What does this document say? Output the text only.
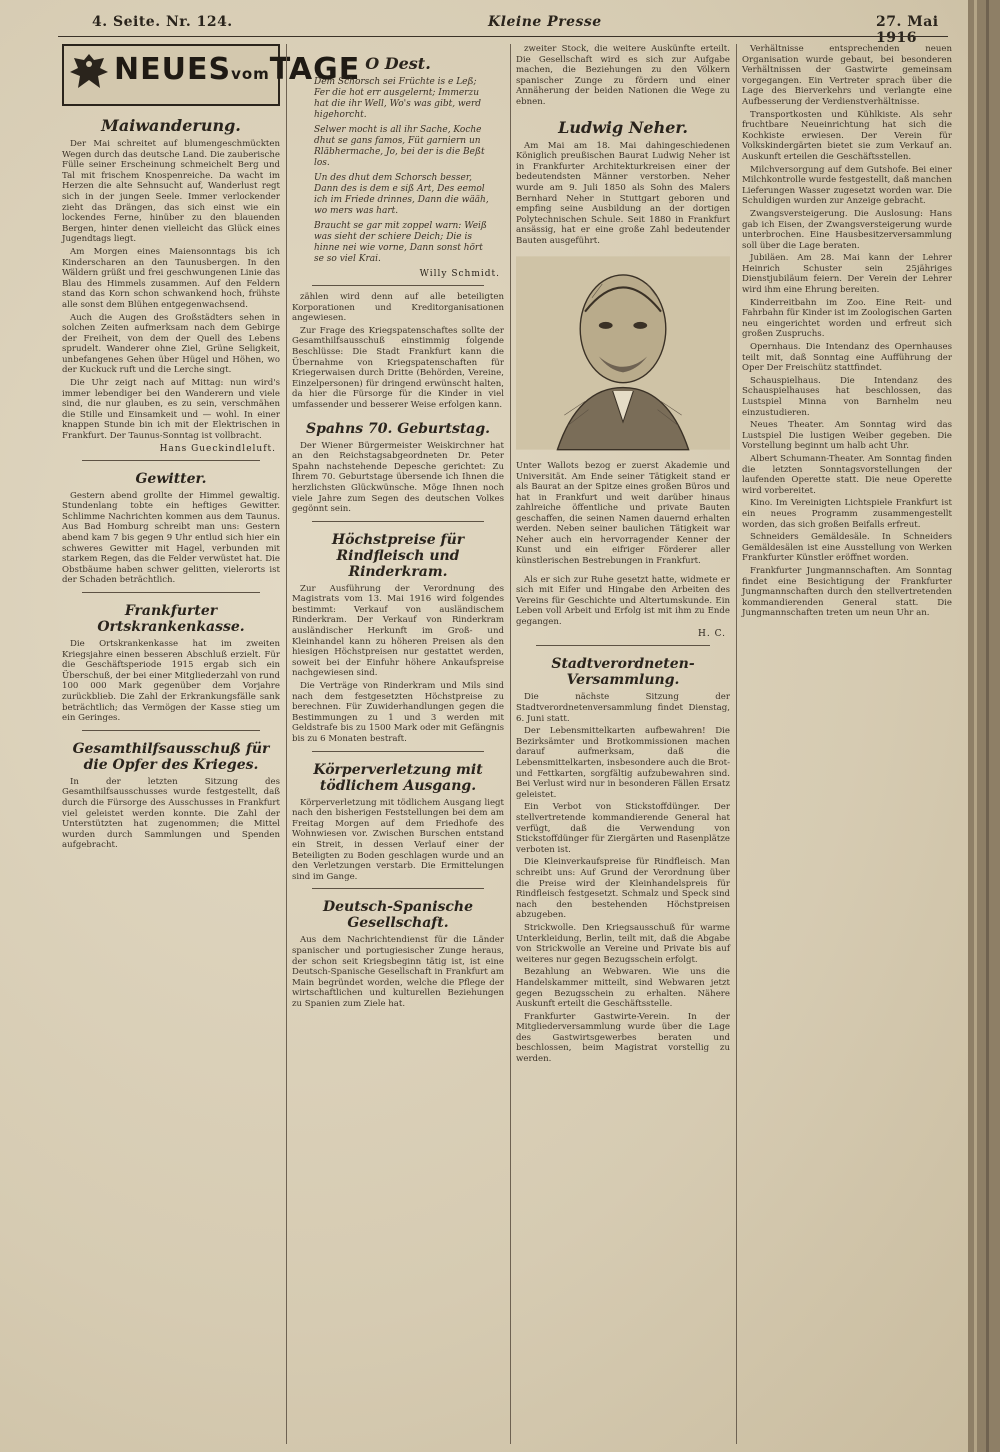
4. Seite. Nr. 124.	Kleine Presse	27. Mai 1916
NEUESvomTAGE
Maiwanderung.

Der Mai schreitet auf blumengeschmückten Wegen durch das deutsche Land. Die zauberische Fülle seiner Erscheinung schmeichelt Berg und Tal mit frischem Knospenreiche. Da wacht im Herzen die alte Sehnsucht auf, Wanderlust regt sich in der jungen Seele. Immer verlockender zieht das Drängen, das sich einst wie ein lockendes Ferne, hinüber zu den blauenden Bergen, hinter denen vielleicht das Glück eines Jugendtags liegt.

Am Morgen eines Maiensonntags bis ich Kinderscharen an den Taunusbergen. In den Wäldern grüßt und frei geschwungenen Linie das Blau des Himmels zusammen. Auf den Feldern stand das Korn schon schwankend hoch, frühste alle sonst dem Blühen entgegenwachsend.

Auch die Augen des Großstädters sehen in solchen Zeiten aufmerksam nach dem Gebirge der Freiheit, von dem der Quell des Lebens sprudelt. Wanderer ohne Ziel, Grüne Seligkeit, unbefangenes Gehen über Hügel und Höhen, wo der Kuckuck ruft und die Lerche singt.

Die Uhr zeigt nach auf Mittag: nun wird's immer lebendiger bei den Wanderern und viele sind, die nur glauben, es zu sein, verschmähen die Stille und Einsamkeit und — wohl. In einer knappen Stunde bin ich mit der Elektrischen in Frankfurt. Der Taunus-Sonntag ist vollbracht.

Hans Gueckindleluft.
Gewitter.

Gestern abend grollte der Himmel gewaltig. Stundenlang tobte ein heftiges Gewitter. Schlimme Nachrichten kommen aus dem Taunus. Aus Bad Homburg schreibt man uns: Gestern abend kam 7 bis gegen 9 Uhr entlud sich hier ein schweres Gewitter mit Hagel, verbunden mit starkem Regen, das die Felder verwüstet hat. Die Obstbäume haben schwer gelitten, vielerorts ist der Schaden beträchtlich.

Frankfurter Ortskrankenkasse.

Die Ortskrankenkasse hat im zweiten Kriegsjahre einen besseren Abschluß erzielt. Für die Geschäftsperiode 1915 ergab sich ein Überschuß, der bei einer Mitgliederzahl von rund 100 000 Mark gegenüber dem Vorjahre zurückblieb. Die Zahl der Erkrankungsfälle sank beträchtlich; das Vermögen der Kasse stieg um ein Geringes.

Gesamthilfsausschuß für die Opfer des Krieges.

In der letzten Sitzung des Gesamthilfsausschusses wurde festgestellt, daß durch die Fürsorge des Ausschusses in Frankfurt viel geleistet werden konnte. Die Zahl der Unterstützten hat zugenommen; die Mittel wurden durch Sammlungen und Spenden aufgebracht.

O Dest.

Dem Schorsch sei Früchte is e Leß; Fer die hot err ausgelernt; Immerzu hat die ihr Well, Wo's was gibt, werd higehorcht.

Selwer mocht is all ihr Sache, Koche dhut se gans famos, Füt garniern un Rläbhermache, Jo, bei der is die Beßt los.

Un des dhut dem Schorsch besser, Dann des is dem e siß Art, Des eemol ich im Friede drinnes, Dann die wääh, wo mers was hart.

Braucht se gar mit zoppel warn: Weiß was sieht der schiere Deich; Die is hinne nei wie vorne, Dann sonst hört se so viel Krai.

Willy Schmidt.

zählen wird denn auf alle beteiligten Korporationen und Kreditorganisationen angewiesen.

Zur Frage des Kriegspatenschaftes sollte der Gesamthilfsausschuß einstimmig folgende Beschlüsse: Die Stadt Frankfurt kann die Übernahme von Kriegspatenschaften für Kriegerwaisen durch Dritte (Behörden, Vereine, Einzelpersonen) für dringend erwünscht halten, da hier die Fürsorge für die Kinder in viel umfassender und besserer Weise erfolgen kann.

Spahns 70. Geburtstag.

Der Wiener Bürgermeister Weiskirchner hat an den Reichstagsabgeordneten Dr. Peter Spahn nachstehende Depesche gerichtet: Zu Ihrem 70. Geburtstage übersende ich Ihnen die herzlichsten Glückwünsche. Möge Ihnen noch viele Jahre zum Segen des deutschen Volkes gegönnt sein.

Höchstpreise für Rindfleisch und Rinderkram.

Zur Ausführung der Verordnung des Magistrats vom 13. Mai 1916 wird folgendes bestimmt: Verkauf von ausländischem Rinderkram. Der Verkauf von Rinderkram ausländischer Herkunft im Groß- und Kleinhandel kann zu höheren Preisen als den hiesigen Höchstpreisen nur gestattet werden, soweit bei der Einfuhr höhere Ankaufspreise nachgewiesen sind.

Die Verträge von Rinderkram und Mils sind nach dem festgesetzten Höchstpreise zu berechnen. Für Zuwiderhandlungen gegen die Bestimmungen zu 1 und 3 werden mit Geldstrafe bis zu 1500 Mark oder mit Gefängnis bis zu 6 Monaten bestraft.

Körperverletzung mit tödlichem Ausgang.

Körperverletzung mit tödlichem Ausgang liegt nach den bisherigen Feststellungen bei dem am Freitag Morgen auf dem Friedhofe des Wohnwiesen vor. Zwischen Burschen entstand ein Streit, in dessen Verlauf einer der Beteiligten zu Boden geschlagen wurde und an den Verletzungen verstarb. Die Ermittelungen sind im Gange.

Deutsch-Spanische Gesellschaft.

Aus dem Nachrichtendienst für die Länder spanischer und portugiesischer Zunge heraus, der schon seit Kriegsbeginn tätig ist, ist eine Deutsch-Spanische Gesellschaft in Frankfurt am Main begründet worden, welche die Pflege der wirtschaftlichen und kulturellen Beziehungen zu Spanien zum Ziele hat.

zweiter Stock, die weitere Auskünfte erteilt. Die Gesellschaft wird es sich zur Aufgabe machen, die Beziehungen zu den Völkern spanischer Zunge zu fördern und einer Annäherung der beiden Nationen die Wege zu ebnen.

Ludwig Neher.

Am Mai am 18. Mai dahingeschiedenen Königlich preußischen Baurat Ludwig Neher ist in Frankfurter Architekturkreisen einer der bedeutendsten Männer verstorben. Neher wurde am 9. Juli 1850 als Sohn des Malers Bernhard Neher in Stuttgart geboren und empfing seine Ausbildung an der dortigen Polytechnischen Schule. Seit 1880 in Frankfurt ansässig, hat er eine große Zahl bedeutender Bauten ausgeführt.

Unter Wallots bezog er zuerst Akademie und Universität. Am Ende seiner Tätigkeit stand er als Baurat an der Spitze eines großen Büros und hat in Frankfurt und weit darüber hinaus zahlreiche öffentliche und private Bauten geschaffen, die seinen Namen dauernd erhalten werden. Neben seiner baulichen Tätigkeit war Neher auch ein hervorragender Kenner der Kunst und ein eifriger Förderer aller künstlerischen Bestrebungen in Frankfurt.

Als er sich zur Ruhe gesetzt hatte, widmete er sich mit Eifer und Hingabe den Arbeiten des Vereins für Geschichte und Altertumskunde. Ein Leben voll Arbeit und Erfolg ist mit ihm zu Ende gegangen.

H. C.
Stadtverordneten-Versammlung.

Die nächste Sitzung der Stadtverordnetenversammlung findet Dienstag, 6. Juni statt.

Der Lebensmittelkarten aufbewahren! Die Bezirksämter und Brotkommissionen machen darauf aufmerksam, daß die Lebensmittelkarten, insbesondere auch die Brot- und Fettkarten, sorgfältig aufzubewahren sind. Bei Verlust wird nur in besonderen Fällen Ersatz geleistet.

Ein Verbot von Stickstoffdünger. Der stellvertretende kommandierende General hat verfügt, daß die Verwendung von Stickstoffdünger für Ziergärten und Rasenplätze verboten ist.

Die Kleinverkaufspreise für Rindfleisch. Man schreibt uns: Auf Grund der Verordnung über die Preise wird der Kleinhandelspreis für Rindfleisch festgesetzt. Schmalz und Speck sind nach den bestehenden Höchstpreisen abzugeben.

Strickwolle. Den Kriegsausschuß für warme Unterkleidung, Berlin, teilt mit, daß die Abgabe von Strickwolle an Vereine und Private bis auf weiteres nur gegen Bezugsschein erfolgt.

Bezahlung an Webwaren. Wie uns die Handelskammer mitteilt, sind Webwaren jetzt gegen Bezugsschein zu erhalten. Nähere Auskunft erteilt die Geschäftsstelle.

Frankfurter Gastwirte-Verein. In der Mitgliederversammlung wurde über die Lage des Gastwirtsgewerbes beraten und beschlossen, beim Magistrat vorstellig zu werden.

Verhältnisse entsprechenden neuen Organisation wurde gebaut, bei besonderen Verhältnissen der Gastwirte gemeinsam vorgegangen. Ein Vertreter sprach über die Lage des Bierverkehrs und verlangte eine Aufbesserung der Verdienstverhältnisse.

Transportkosten und Kühlkiste. Als sehr fruchtbare Neueinrichtung hat sich die Kochkiste erwiesen. Der Verein für Volkskindergärten bietet sie zum Verkauf an. Auskunft erteilen die Geschäftsstellen.

Milchversorgung auf dem Gutshofe. Bei einer Milchkontrolle wurde festgestellt, daß manchen Lieferungen Wasser zugesetzt worden war. Die Schuldigen wurden zur Anzeige gebracht.

Zwangsversteigerung. Die Auslosung: Hans gab ich Eisen, der Zwangsversteigerung wurde unterbrochen. Eine Hausbesitzerversammlung soll über die Lage beraten.

Jubiläen. Am 28. Mai kann der Lehrer Heinrich Schuster sein 25jähriges Dienstjubiläum feiern. Der Verein der Lehrer wird ihm eine Ehrung bereiten.

Kinderreitbahn im Zoo. Eine Reit- und Fahrbahn für Kinder ist im Zoologischen Garten neu eingerichtet worden und erfreut sich großen Zuspruchs.

Opernhaus. Die Intendanz des Opernhauses teilt mit, daß Sonntag eine Aufführung der Oper Der Freischütz stattfindet.

Schauspielhaus. Die Intendanz des Schauspielhauses hat beschlossen, das Lustspiel Minna von Barnhelm neu einzustudieren.

Neues Theater. Am Sonntag wird das Lustspiel Die lustigen Weiber gegeben. Die Vorstellung beginnt um halb acht Uhr.

Albert Schumann-Theater. Am Sonntag finden die letzten Sonntagsvorstellungen der laufenden Operette statt. Die neue Operette wird vorbereitet.

Kino. Im Vereinigten Lichtspiele Frankfurt ist ein neues Programm zusammengestellt worden, das sich großen Beifalls erfreut.

Schneiders Gemäldesäle. In Schneiders Gemäldesälen ist eine Ausstellung von Werken Frankfurter Künstler eröffnet worden.

Frankfurter Jungmannschaften. Am Sonntag findet eine Besichtigung der Frankfurter Jungmannschaften durch den stellvertretenden kommandierenden General statt. Die Jungmannschaften treten um neun Uhr an.
